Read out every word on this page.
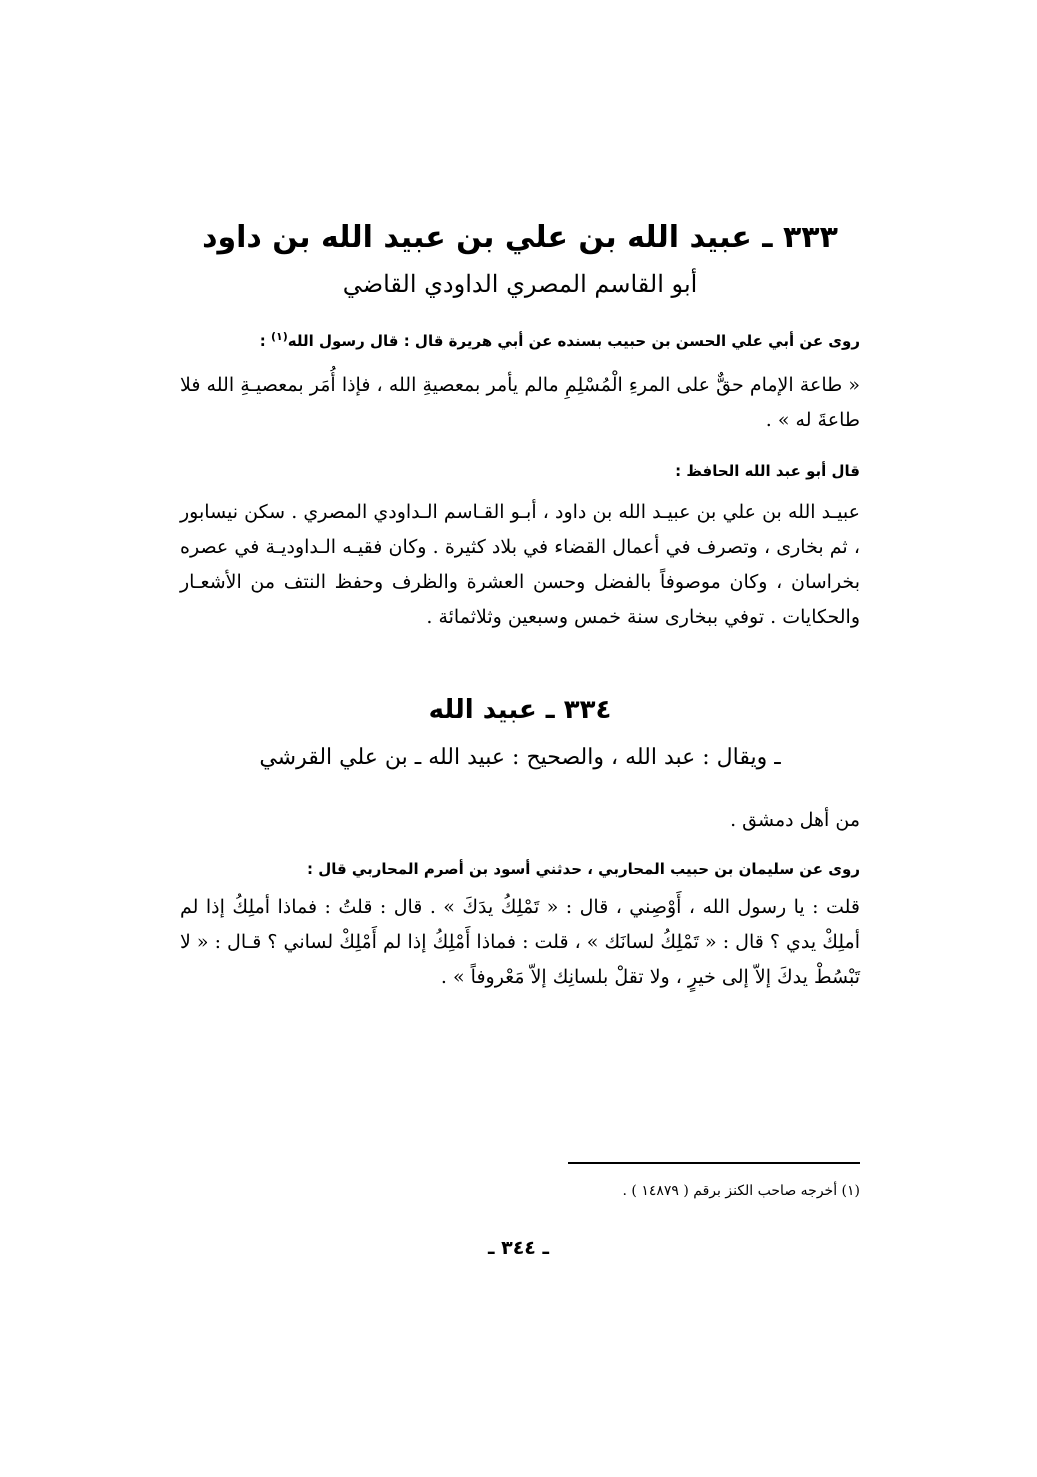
٣٣٣ ـ عبيد الله بن علي بن عبيد الله بن داود
أبو القاسم المصري الداودي القاضي
روى عن أبي علي الحسن بن حبيب بسنده عن أبي هريرة قال : قال رسول الله$^{(١)}$ :
« طاعة الإمام حقٌّ على المرءِ الْمُسْلِمِ مالم يأمر بمعصيةِ الله ، فإذا أُمَر بمعصيـةِ الله فلا طاعةَ له » .
قال أبو عبد الله الحافظ :
عبيـد الله بن علي بن عبيـد الله بن داود ، أبـو القـاسم الـداودي المصري . سكن نيسابور ، ثم بخارى ، وتصرف في أعمال القضاء في بلاد كثيرة . وكان فقيـه الـداوديـة في عصره بخراسان ، وكان موصوفاً بالفضل وحسن العشرة والظرف وحفظ النتف من الأشعـار والحكايات . توفي ببخارى سنة خمس وسبعين وثلاثمائة .
٣٣٤ ـ عبيد الله
ـ ويقال : عبد الله ، والصحيح : عبيد الله ـ بن علي القرشي
من أهل دمشق .
روى عن سليمان بن حبيب المحاربي ، حدثني أسود بن أصرم المحاربي قال :
قلت : يا رسول الله ، أَوْصِني ، قال : « تَمْلِكُ يدَكَ » . قال : قلتُ : فماذا أملِكُ إذا لم أملِكْ يدي ؟ قال : « تَمْلِكُ لسانَك » ، قلت : فماذا أَمْلِكُ إذا لم أَمْلِكْ لساني ؟ قـال : « لا تَبْسُطْ يدكَ إلاّ إلى خيرٍ ، ولا تقلْ بلسانِك إلاّ مَعْروفاً » .
(١) أخرجه صاحب الكنز برقم ( ١٤٨٧٩ ) .
ـ ٣٤٤ ـ
